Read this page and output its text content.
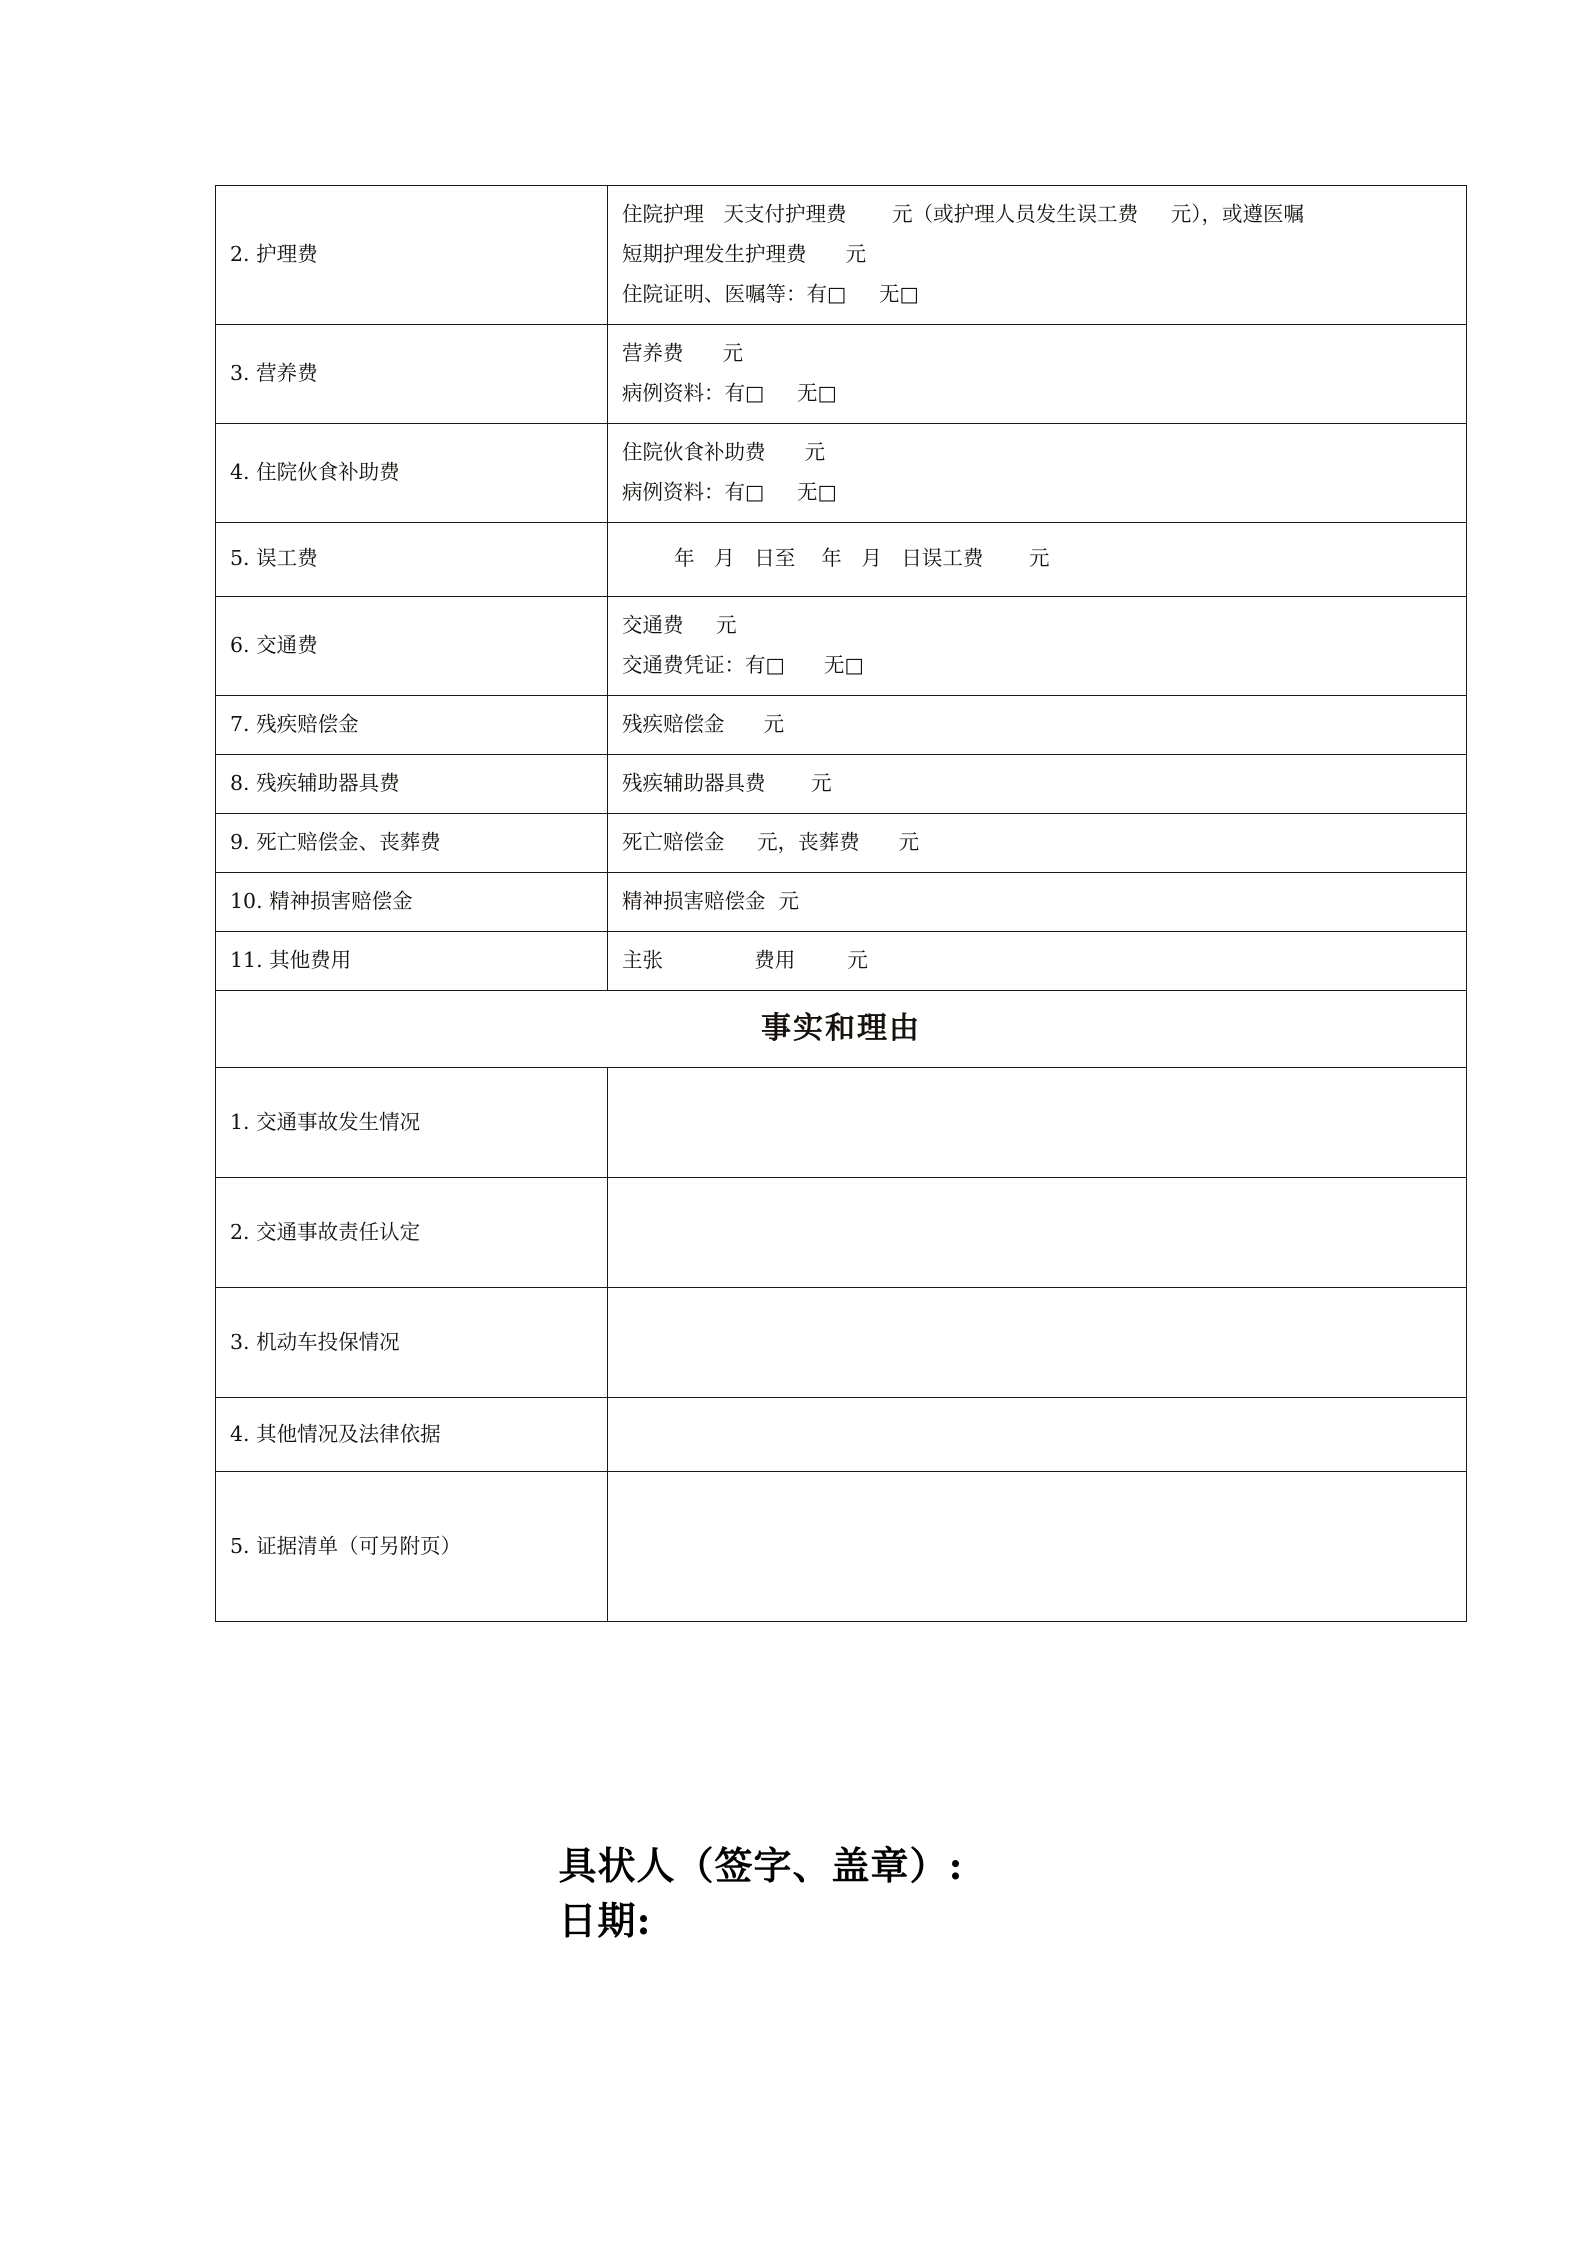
2. 护理费	住院护理   天支付护理费       元（或护理人员发生误工费     元），或遵医嘱
短期护理发生护理费      元
住院证明、医嘱等：有□     无□

3. 营养费	营养费      元
病例资料：有□     无□

4. 住院伙食补助费	住院伙食补助费      元
病例资料：有□     无□

5. 误工费	年   月   日至    年   月   日误工费       元

6. 交通费	交通费     元
交通费凭证：有□      无□

7. 残疾赔偿金	残疾赔偿金      元

8. 残疾辅助器具费	残疾辅助器具费       元

9. 死亡赔偿金、丧葬费	死亡赔偿金     元，丧葬费      元

10. 精神损害赔偿金	精神损害赔偿金  元

11. 其他费用	主张              费用        元

事实和理由	

1. 交通事故发生情况	

2. 交通事故责任认定	

3. 机动车投保情况	

4. 其他情况及法律依据	

5. 证据清单（可另附页）	

具状人（签字、盖章）:
日期:
